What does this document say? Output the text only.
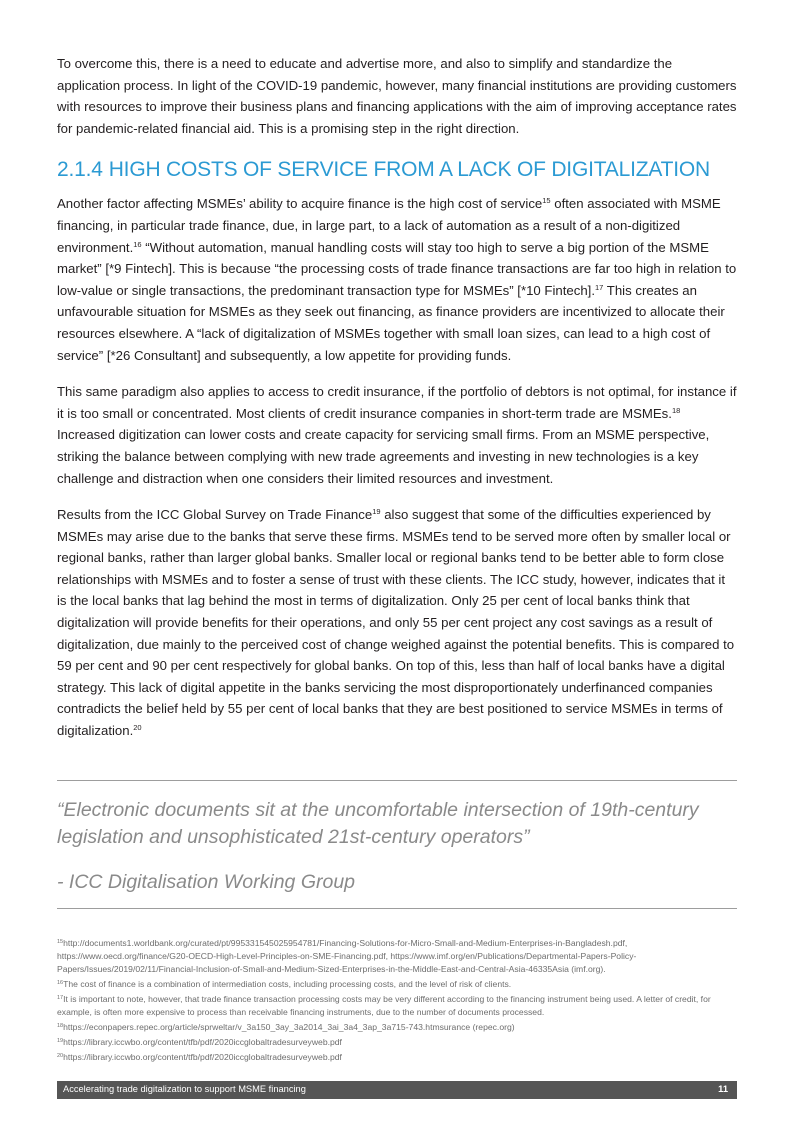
To overcome this, there is a need to educate and advertise more, and also to simplify and standardize the application process. In light of the COVID-19 pandemic, however, many financial institutions are providing customers with resources to improve their business plans and financing applications with the aim of improving acceptance rates for pandemic-related financial aid. This is a promising step in the right direction.

2.1.4 HIGH COSTS OF SERVICE FROM A LACK OF DIGITALIZATION

Another factor affecting MSMEs’ ability to acquire finance is the high cost of service$^{15}$ often associated with MSME financing, in particular trade finance, due, in large part, to a lack of automation as a result of a non-digitized environment.$^{16}$ “Without automation, manual handling costs will stay too high to serve a big portion of the MSME market” [*9 Fintech]. This is because “the processing costs of trade finance transactions are far too high in relation to low-value or single transactions, the predominant transaction type for MSMEs” [*10 Fintech].$^{17}$ This creates an unfavourable situation for MSMEs as they seek out financing, as finance providers are incentivized to allocate their resources elsewhere. A “lack of digitalization of MSMEs together with small loan sizes, can lead to a high cost of service” [*26 Consultant] and subsequently, a low appetite for providing funds.

This same paradigm also applies to access to credit insurance, if the portfolio of debtors is not optimal, for instance if it is too small or concentrated. Most clients of credit insurance companies in short-term trade are MSMEs.$^{18}$ Increased digitization can lower costs and create capacity for servicing small firms. From an MSME perspective, striking the balance between complying with new trade agreements and investing in new technologies is a key challenge and distraction when one considers their limited resources and investment.

Results from the ICC Global Survey on Trade Finance$^{19}$ also suggest that some of the difficulties experienced by MSMEs may arise due to the banks that serve these firms. MSMEs tend to be served more often by smaller local or regional banks, rather than larger global banks. Smaller local or regional banks tend to be better able to form close relationships with MSMEs and to foster a sense of trust with these clients. The ICC study, however, indicates that it is the local banks that lag behind the most in terms of digitalization. Only 25 per cent of local banks think that digitalization will provide benefits for their operations, and only 55 per cent project any cost savings as a result of digitalization, due mainly to the perceived cost of change weighed against the potential benefits. This is compared to 59 per cent and 90 per cent respectively for global banks. On top of this, less than half of local banks have a digital strategy. This lack of digital appetite in the banks servicing the most disproportionately underfinanced companies contradicts the belief held by 55 per cent of local banks that they are best positioned to service MSMEs in terms of digitalization.$^{20}$

“Electronic documents sit at the uncomfortable intersection of 19th-century legislation and unsophisticated 21st-century operators”
- ICC Digitalisation Working Group
$^{15}$http://documents1.worldbank.org/curated/pt/995331545025954781/Financing-Solutions-for-Micro-Small-and-Medium-Enterprises-in-Bangladesh.pdf, https://www.oecd.org/finance/G20-OECD-High-Level-Principles-on-SME-Financing.pdf, https://www.imf.org/en/Publications/Departmental-Papers-Policy-Papers/Issues/2019/02/11/Financial-Inclusion-of-Small-and-Medium-Sized-Enterprises-in-the-Middle-East-and-Central-Asia-46335Asia (imf.org).
$^{16}$The cost of finance is a combination of intermediation costs, including processing costs, and the level of risk of clients.
$^{17}$It is important to note, however, that trade finance transaction processing costs may be very different according to the financing instrument being used. A letter of credit, for example, is often more expensive to process than receivable financing instruments, due to the number of documents processed.
$^{18}$https://econpapers.repec.org/article/sprweltar/v_3a150_3ay_3a2014_3ai_3a4_3ap_3a715-743.htmsurance (repec.org)
$^{19}$https://library.iccwbo.org/content/tfb/pdf/2020iccglobaltradesurveyweb.pdf
$^{20}$https://library.iccwbo.org/content/tfb/pdf/2020iccglobaltradesurveyweb.pdf
Accelerating trade digitalization to support MSME financing	11
